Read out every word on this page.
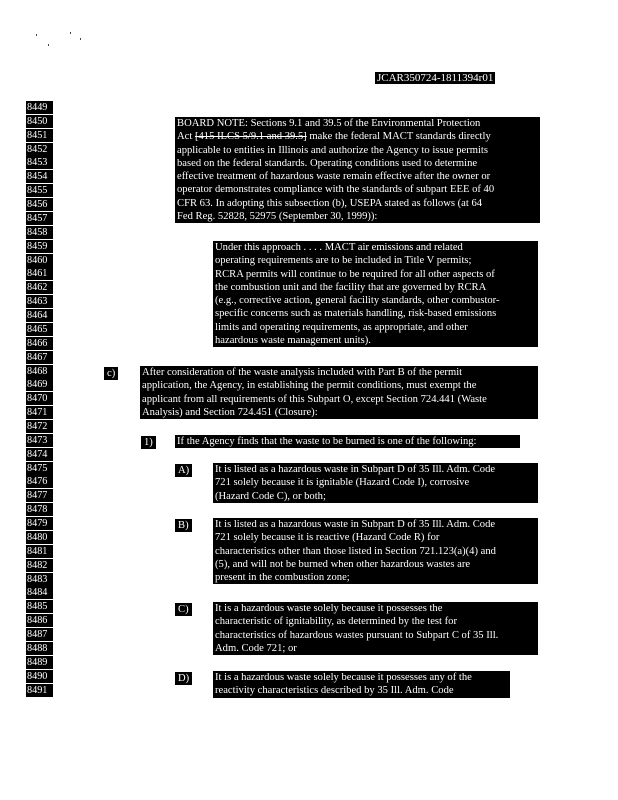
JCAR350724-1811394r01
8449
8450
8451
8452
8453
8454
8455
8456
8457
8458
8459
8460
8461
8462
8463
8464
8465
8466
8467
8468
8469
8470
8471
8472
8473
8474
8475
8476
8477
8478
8479
8480
8481
8482
8483
8484
8485
8486
8487
8488
8489
8490
8491
BOARD NOTE: Sections 9.1 and 39.5 of the Environmental Protection
Act [415 ILCS 5/9.1 and 39.5] make the federal MACT standards directly
applicable to entities in Illinois and authorize the Agency to issue permits
based on the federal standards. Operating conditions used to determine
effective treatment of hazardous waste remain effective after the owner or
operator demonstrates compliance with the standards of subpart EEE of 40
CFR 63. In adopting this subsection (b), USEPA stated as follows (at 64
Fed Reg. 52828, 52975 (September 30, 1999)):
Under this approach . . . . MACT air emissions and related
operating requirements are to be included in Title V permits;
RCRA permits will continue to be required for all other aspects of
the combustion unit and the facility that are governed by RCRA
(e.g., corrective action, general facility standards, other combustor-
specific concerns such as materials handling, risk-based emissions
limits and operating requirements, as appropriate, and other
hazardous waste management units).
c)	After consideration of the waste analysis included with Part B of the permit
application, the Agency, in establishing the permit conditions, must exempt the
applicant from all requirements of this Subpart O, except Section 724.441 (Waste
Analysis) and Section 724.451 (Closure):
1) If the Agency finds that the waste to be burned is one of the following:
A) It is listed as a hazardous waste in Subpart D of 35 Ill. Adm. Code
721 solely because it is ignitable (Hazard Code I), corrosive
(Hazard Code C), or both;
B) It is listed as a hazardous waste in Subpart D of 35 Ill. Adm. Code
721 solely because it is reactive (Hazard Code R) for
characteristics other than those listed in Section 721.123(a)(4) and
(5), and will not be burned when other hazardous wastes are
present in the combustion zone;
C) It is a hazardous waste solely because it possesses the
characteristic of ignitability, as determined by the test for
characteristics of hazardous wastes pursuant to Subpart C of 35 Ill.
Adm. Code 721; or
D) It is a hazardous waste solely because it possesses any of the
reactivity characteristics described by 35 Ill. Adm. Code
